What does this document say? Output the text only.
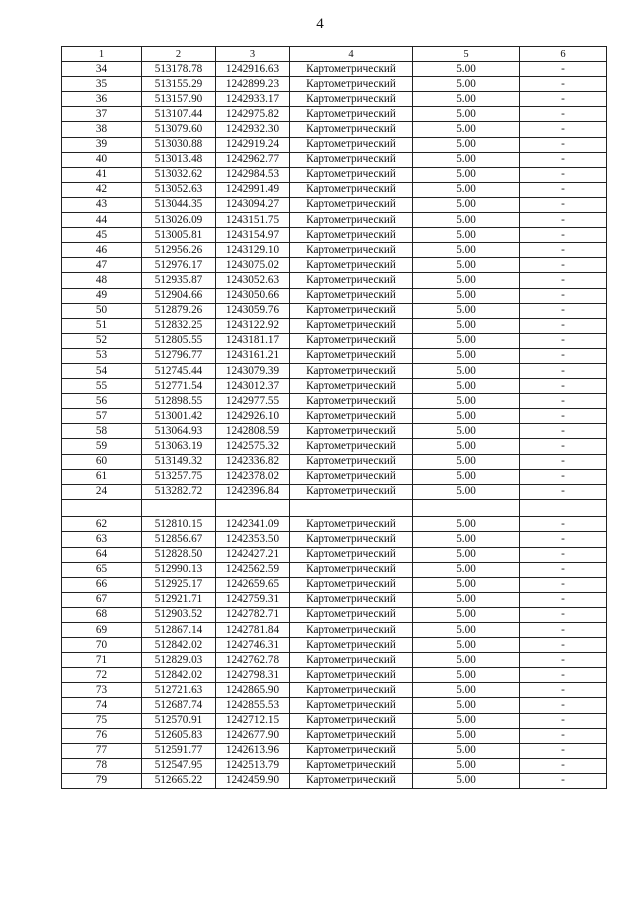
4
1	2	3	4	5	6
34	513178.78	1242916.63	Картометрический	5.00	-
35	513155.29	1242899.23	Картометрический	5.00	-
36	513157.90	1242933.17	Картометрический	5.00	-
37	513107.44	1242975.82	Картометрический	5.00	-
38	513079.60	1242932.30	Картометрический	5.00	-
39	513030.88	1242919.24	Картометрический	5.00	-
40	513013.48	1242962.77	Картометрический	5.00	-
41	513032.62	1242984.53	Картометрический	5.00	-
42	513052.63	1242991.49	Картометрический	5.00	-
43	513044.35	1243094.27	Картометрический	5.00	-
44	513026.09	1243151.75	Картометрический	5.00	-
45	513005.81	1243154.97	Картометрический	5.00	-
46	512956.26	1243129.10	Картометрический	5.00	-
47	512976.17	1243075.02	Картометрический	5.00	-
48	512935.87	1243052.63	Картометрический	5.00	-
49	512904.66	1243050.66	Картометрический	5.00	-
50	512879.26	1243059.76	Картометрический	5.00	-
51	512832.25	1243122.92	Картометрический	5.00	-
52	512805.55	1243181.17	Картометрический	5.00	-
53	512796.77	1243161.21	Картометрический	5.00	-
54	512745.44	1243079.39	Картометрический	5.00	-
55	512771.54	1243012.37	Картометрический	5.00	-
56	512898.55	1242977.55	Картометрический	5.00	-
57	513001.42	1242926.10	Картометрический	5.00	-
58	513064.93	1242808.59	Картометрический	5.00	-
59	513063.19	1242575.32	Картометрический	5.00	-
60	513149.32	1242336.82	Картометрический	5.00	-
61	513257.75	1242378.02	Картометрический	5.00	-
24	513282.72	1242396.84	Картометрический	5.00	-

62	512810.15	1242341.09	Картометрический	5.00	-
63	512856.67	1242353.50	Картометрический	5.00	-
64	512828.50	1242427.21	Картометрический	5.00	-
65	512990.13	1242562.59	Картометрический	5.00	-
66	512925.17	1242659.65	Картометрический	5.00	-
67	512921.71	1242759.31	Картометрический	5.00	-
68	512903.52	1242782.71	Картометрический	5.00	-
69	512867.14	1242781.84	Картометрический	5.00	-
70	512842.02	1242746.31	Картометрический	5.00	-
71	512829.03	1242762.78	Картометрический	5.00	-
72	512842.02	1242798.31	Картометрический	5.00	-
73	512721.63	1242865.90	Картометрический	5.00	-
74	512687.74	1242855.53	Картометрический	5.00	-
75	512570.91	1242712.15	Картометрический	5.00	-
76	512605.83	1242677.90	Картометрический	5.00	-
77	512591.77	1242613.96	Картометрический	5.00	-
78	512547.95	1242513.79	Картометрический	5.00	-
79	512665.22	1242459.90	Картометрический	5.00	-
